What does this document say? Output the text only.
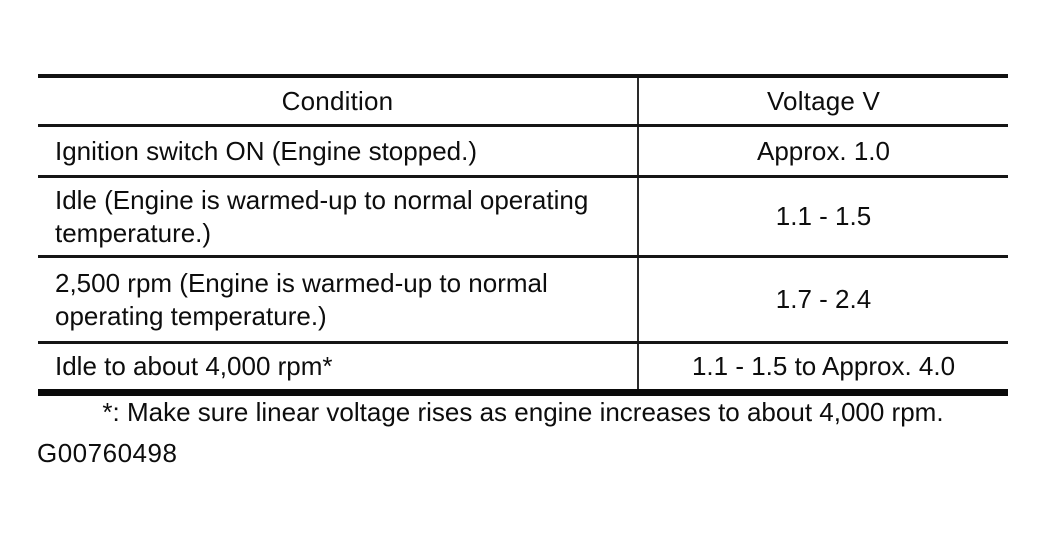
Condition	Voltage V
Ignition switch ON (Engine stopped.)	Approx. 1.0
Idle (Engine is warmed-up to normal operating temperature.)	1.1 - 1.5
2,500 rpm (Engine is warmed-up to normal operating temperature.)	1.7 - 2.4
Idle to about 4,000 rpm*	1.1 - 1.5 to Approx. 4.0
*: Make sure linear voltage rises as engine increases to about 4,000 rpm.
G00760498
